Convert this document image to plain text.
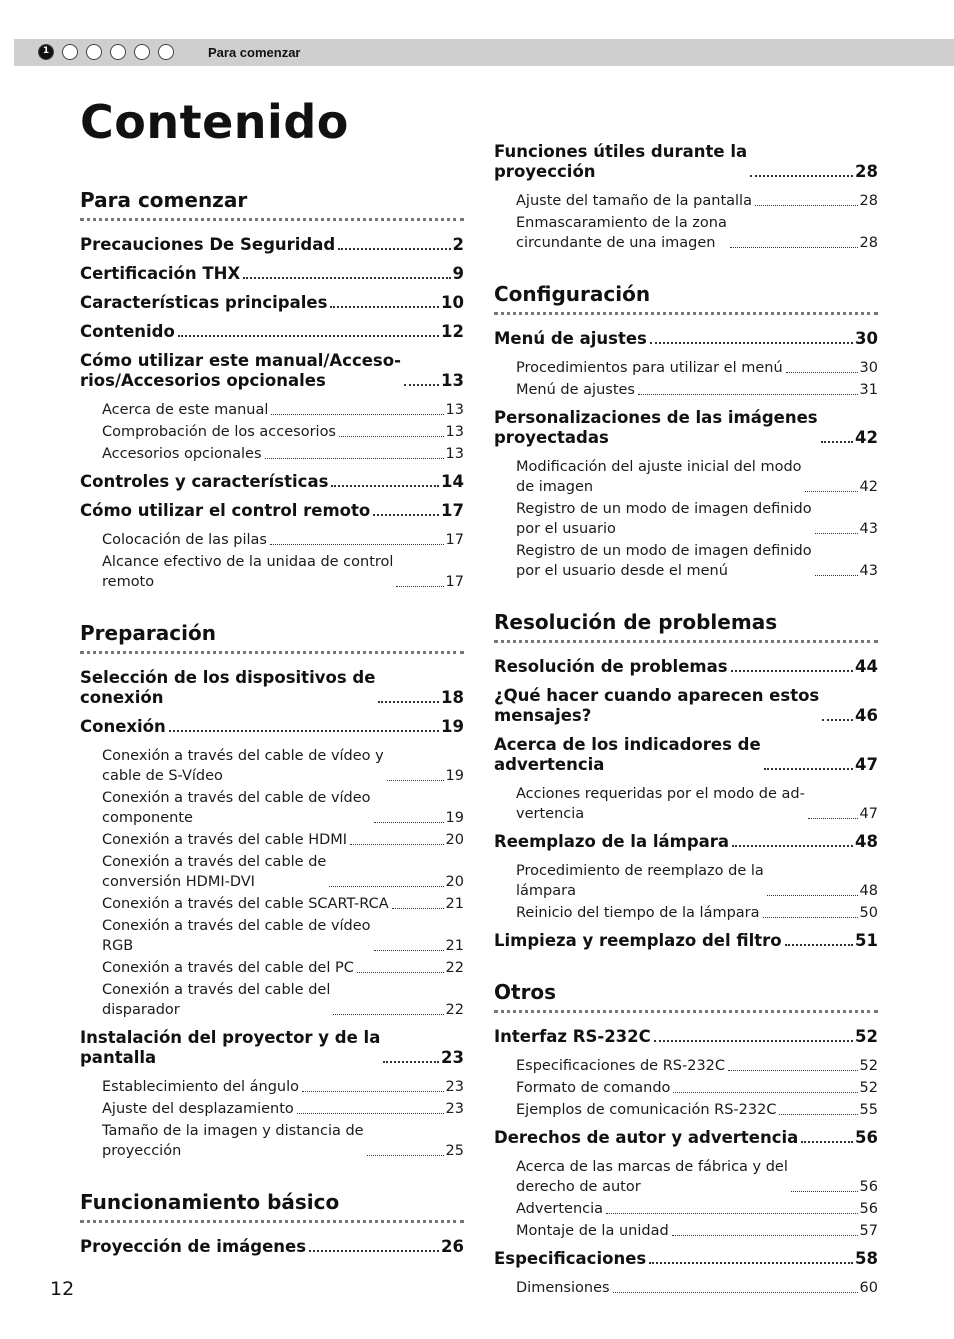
1
Para comenzar
Contenido
Para comenzar
Precauciones De Seguridad	2
Certificación THX	9
Características principales	10
Contenido	12
Cómo utilizar este manual/Acceso-
rios/Accesorios opcionales	13
Acerca de este manual	13
Comprobación de los accesorios	13
Accesorios opcionales	13
Controles y características	14
Cómo utilizar el control remoto	17
Colocación de las pilas	17
Alcance efectivo de la unidaa de control
remoto	17
Preparación
Selección de los dispositivos de
conexión	18
Conexión	19
Conexión a través del cable de vídeo y
cable de S-Vídeo	19
Conexión a través del cable de vídeo
componente	19
Conexión a través del cable HDMI	20
Conexión a través del cable de
conversión HDMI-DVI	20
Conexión a través del cable SCART-RCA	21
Conexión a través del cable de vídeo
RGB	21
Conexión a través del cable del PC	22
Conexión a través del cable del
disparador	22
Instalación del proyector y de la
pantalla	23
Establecimiento del ángulo	23
Ajuste del desplazamiento	23
Tamaño de la imagen y distancia de
proyección	25
Funcionamiento básico
Proyección de imágenes	26
Funciones útiles durante la
proyección	28
Ajuste del tamaño de la pantalla	28
Enmascaramiento de la zona
circundante de una imagen	28
Configuración
Menú de ajustes	30
Procedimientos para utilizar el menú	30
Menú de ajustes	31
Personalizaciones de las imágenes
proyectadas	42
Modificación del ajuste inicial del modo
de imagen	42
Registro de un modo de imagen definido
por el usuario	43
Registro de un modo de imagen definido
por el usuario desde el menú	43
Resolución de problemas
Resolución de problemas	44
¿Qué hacer cuando aparecen estos
mensajes?	46
Acerca de los indicadores de
advertencia	47
Acciones requeridas por el modo de ad-
vertencia	47
Reemplazo de la lámpara	48
Procedimiento de reemplazo de la
lámpara	48
Reinicio del tiempo de la lámpara	50
Limpieza y reemplazo del filtro	51
Otros
Interfaz RS-232C	52
Especificaciones de RS-232C	52
Formato de comando	52
Ejemplos de comunicación RS-232C	55
Derechos de autor y advertencia	56
Acerca de las marcas de fábrica y del
derecho de autor	56
Advertencia	56
Montaje de la unidad	57
Especificaciones	58
Dimensiones	60
12
